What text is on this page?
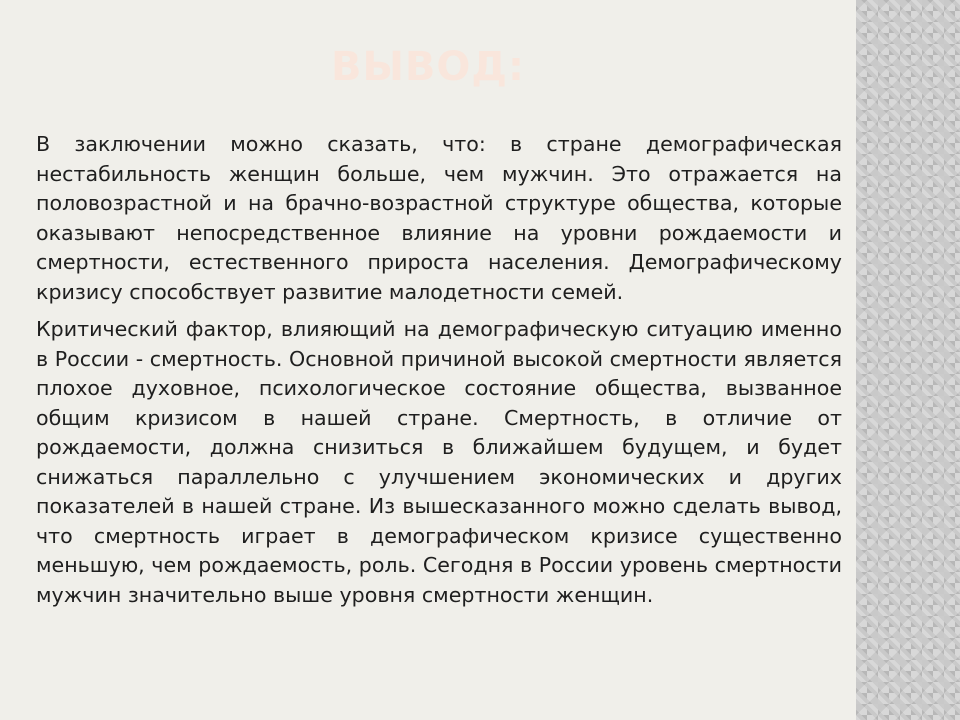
ВЫВОД:

В заключении можно сказать, что: в стране демографическая нестабильность женщин больше, чем мужчин. Это отражается на половозрастной и на брачно-возрастной структуре общества, которые оказывают непосредственное влияние на уровни рождаемости и смертности, естественного прироста населения. Демографическому кризису способствует развитие малодетности семей.

Критический фактор, влияющий на демографическую ситуацию именно в России - смертность. Основной причиной высокой смертности является плохое духовное, психологическое состояние общества, вызванное общим кризисом в нашей стране. Смертность, в отличие от рождаемости, должна снизиться в ближайшем будущем, и будет снижаться параллельно с улучшением экономических и других показателей в нашей стране. Из вышесказанного можно сделать вывод, что смертность играет в демографическом кризисе существенно меньшую, чем рождаемость, роль. Сегодня в России уровень смертности мужчин значительно выше уровня смертности женщин.
